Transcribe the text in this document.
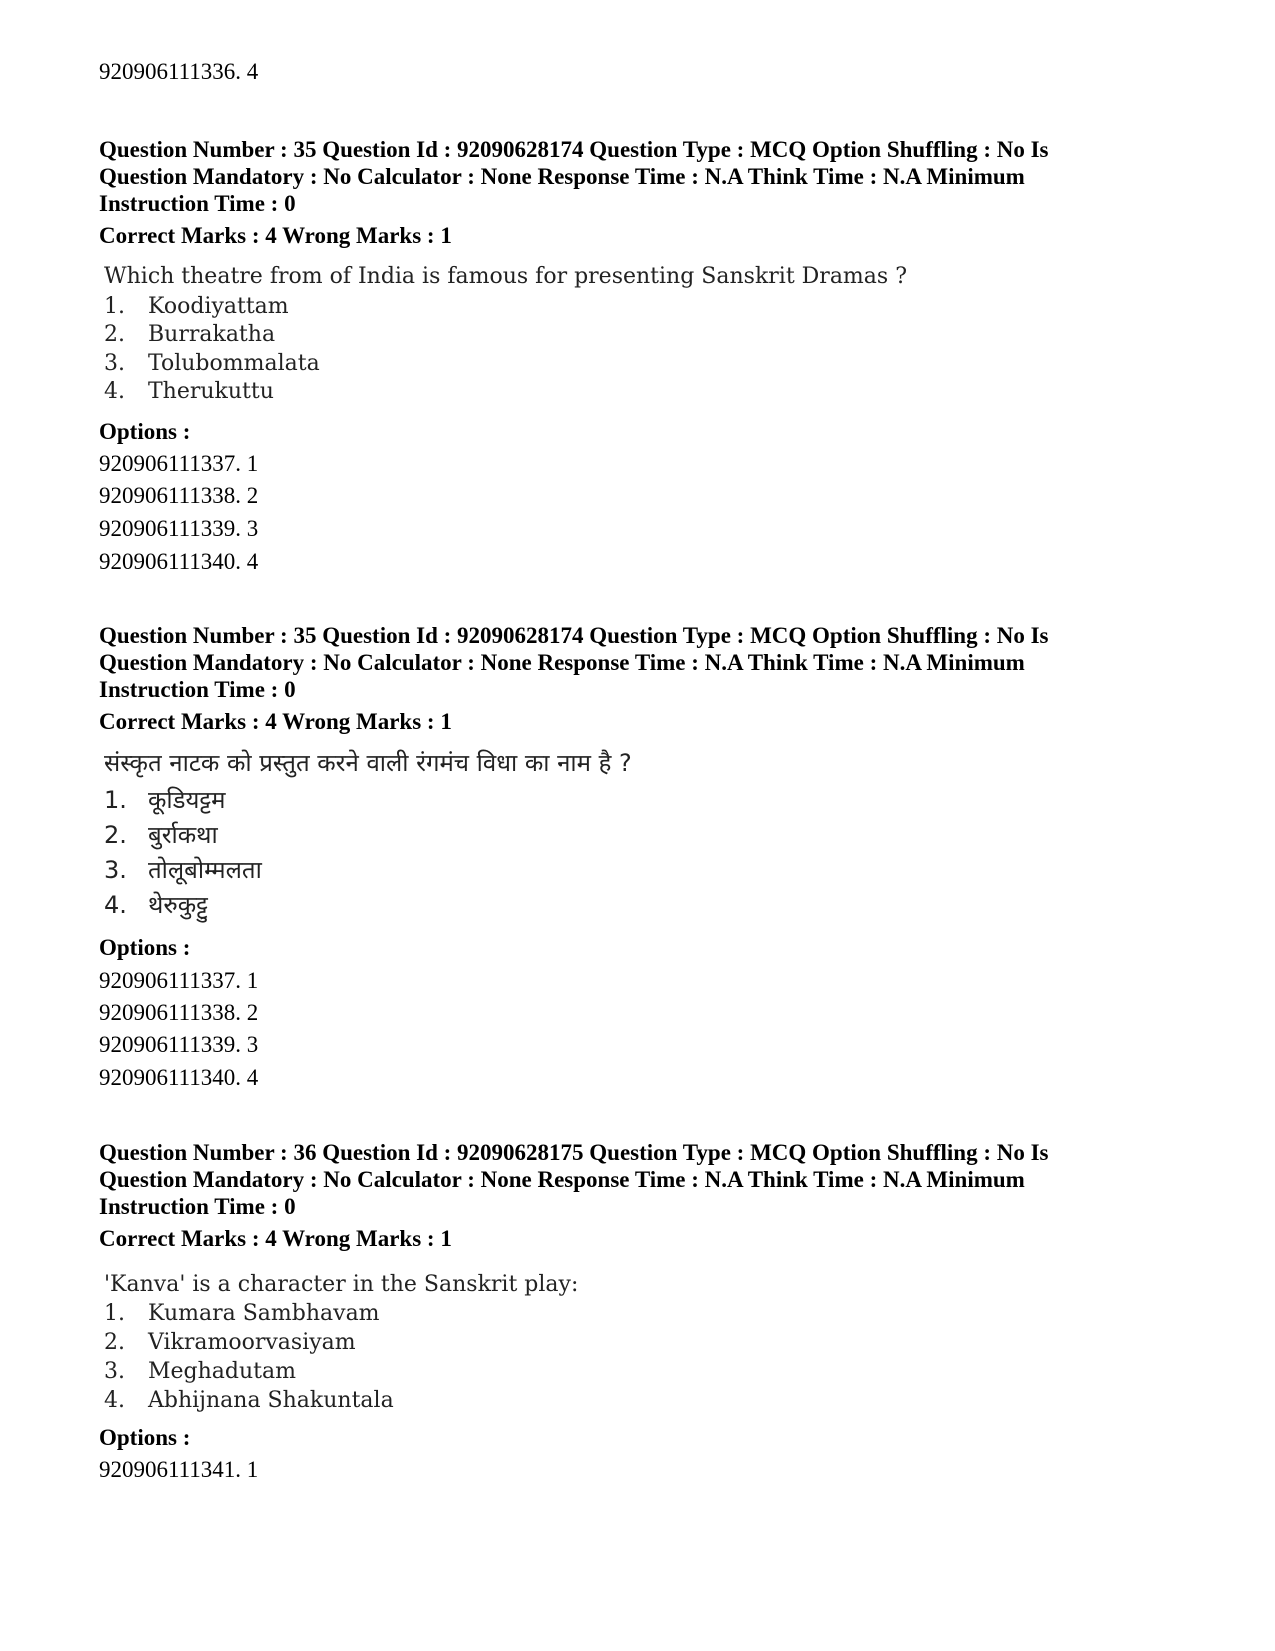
920906111336. 4
Question Number : 35 Question Id : 92090628174 Question Type : MCQ Option Shuffling : No Is
Question Mandatory : No Calculator : None Response Time : N.A Think Time : N.A Minimum
Instruction Time : 0
Correct Marks : 4 Wrong Marks : 1
Which theatre from of India is famous for presenting Sanskrit Dramas ?
1. Koodiyattam
2. Burrakatha
3. Tolubommalata
4. Therukuttu
Options :
920906111337. 1
920906111338. 2
920906111339. 3
920906111340. 4
Question Number : 35 Question Id : 92090628174 Question Type : MCQ Option Shuffling : No Is
Question Mandatory : No Calculator : None Response Time : N.A Think Time : N.A Minimum
Instruction Time : 0
Correct Marks : 4 Wrong Marks : 1
संस्कृत नाटक को प्रस्तुत करने वाली रंगमंच विधा का नाम है ?
1. कूडियट्टम
2. बुर्राकथा
3. तोलूबोम्मलता
4. थेरुकुट्टु
Options :
920906111337. 1
920906111338. 2
920906111339. 3
920906111340. 4
Question Number : 36 Question Id : 92090628175 Question Type : MCQ Option Shuffling : No Is
Question Mandatory : No Calculator : None Response Time : N.A Think Time : N.A Minimum
Instruction Time : 0
Correct Marks : 4 Wrong Marks : 1
'Kanva' is a character in the Sanskrit play:
1. Kumara Sambhavam
2. Vikramoorvasiyam
3. Meghadutam
4. Abhijnana Shakuntala
Options :
920906111341. 1
